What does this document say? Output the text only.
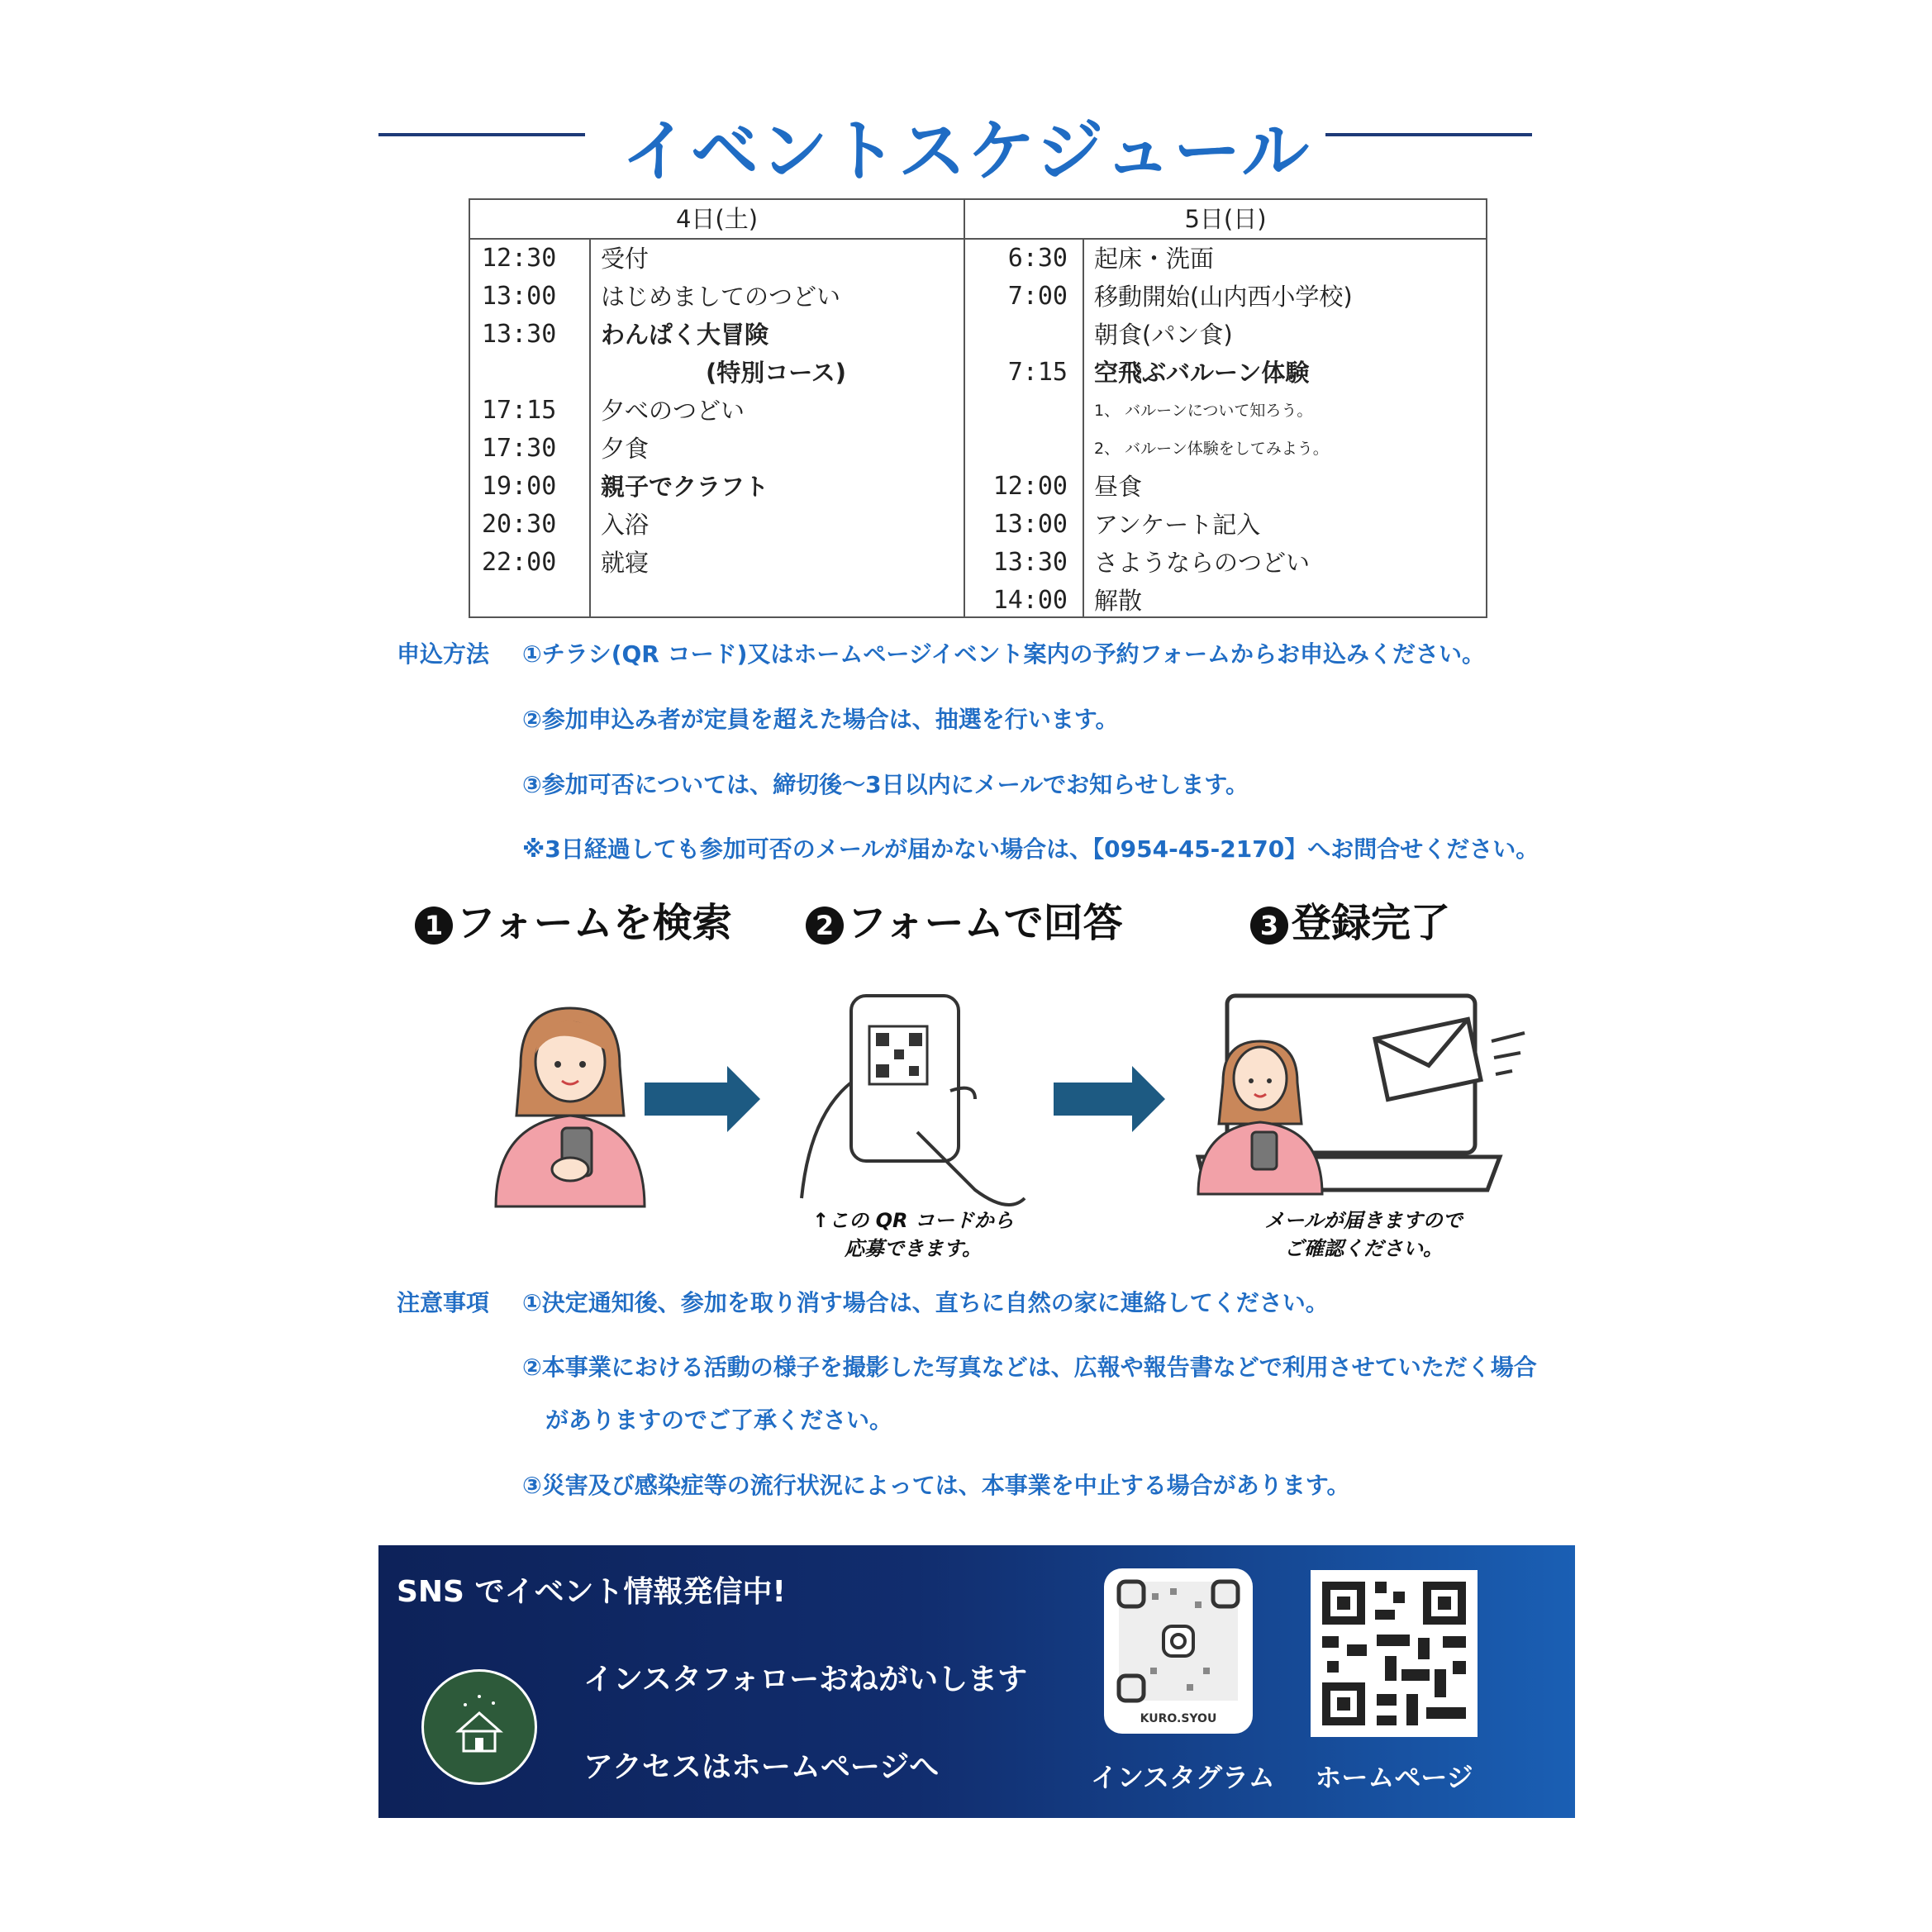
イベントスケジュール
4日(土)	5日(日)
12:30 受付
13:00 はじめましてのつどい
13:30 わんぱく大冒険
(特別コース)
17:15 夕べのつどい
17:30 夕食
19:00 親子でクラフト
20:30 入浴
22:00 就寝
6:30 起床・洗面
7:00 移動開始(山内西小学校)
朝食(パン食)
7:15 空飛ぶバルーン体験
1、 バルーンについて知ろう。
2、 バルーン体験をしてみよう。
12:00 昼食
13:00 アンケート記入
13:30 さようならのつどい
14:00 解散
申込方法 ①チラシ(QR コード)又はホームページイベント案内の予約フォームからお申込みください。
②参加申込み者が定員を超えた場合は、抽選を行います。
③参加可否については、締切後～3日以内にメールでお知らせします。
※3日経過しても参加可否のメールが届かない場合は、【0954-45-2170】へお問合せください。
1 フォームを検索	2 フォームで回答	3 登録完了
↑この QR コードから
応募できます。
メールが届きますので
ご確認ください。
注意事項 ①決定通知後、参加を取り消す場合は、直ちに自然の家に連絡してください。
②本事業における活動の様子を撮影した写真などは、広報や報告書などで利用させていただく場合
がありますのでご了承ください。
③災害及び感染症等の流行状況によっては、本事業を中止する場合があります。
SNS でイベント情報発信中!
インスタフォローおねがいします
アクセスはホームページへ
KURO.SYOU
インスタグラム	ホームページ
